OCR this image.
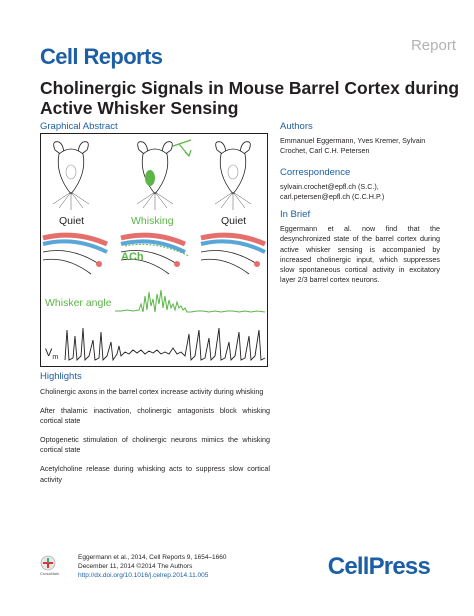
Cell Reports	Report
Cholinergic Signals in Mouse Barrel Cortex during Active Whisker Sensing
Graphical Abstract
Quiet	Whisking	Quiet
ACh
Whisker angle
$V_m$
Authors
Emmanuel Eggermann, Yves Kremer, Sylvain Crochet, Carl C.H. Petersen
Correspondence
sylvain.crochet@epfl.ch (S.C.),
carl.petersen@epfl.ch (C.C.H.P.)
In Brief
Eggermann et al. now find that the desynchronized state of the barrel cortex during active whisker sensing is accompanied by increased cholinergic input, which suppresses slow spontaneous cortical activity in excitatory layer 2/3 barrel cortex neurons.
Highlights
Cholinergic axons in the barrel cortex increase activity during whisking
After thalamic inactivation, cholinergic antagonists block whisking cortical state
Optogenetic stimulation of cholinergic neurons mimics the whisking cortical state
Acetylcholine release during whisking acts to suppress slow cortical activity
CrossMark
Eggermann et al., 2014, Cell Reports 9, 1654–1660
December 11, 2014 ©2014 The Authors
http://dx.doi.org/10.1016/j.celrep.2014.11.005	CellPress
